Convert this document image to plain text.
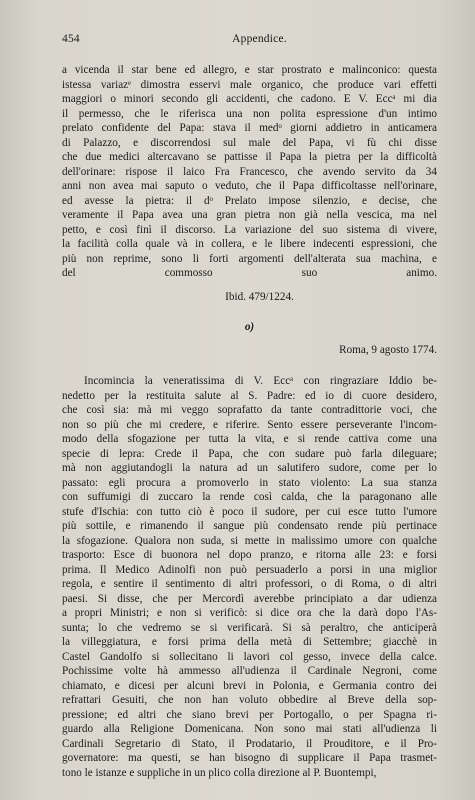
454	Appendice.
a vicenda il star bene ed allegro, e star prostrato e malinconico: questa
istessa variazᵉ dimostra esservi male organico, che produce vari effetti
maggiori o minori secondo gli accidenti, che cadono. E V. Eccᵃ mi dia
il permesso, che le riferisca una non polita espressione d'un intimo
prelato confidente del Papa: stava il medᵒ giorni addietro in anticamera
di Palazzo, e discorrendosi sul male del Papa, vi fù chi disse
che due medici altercavano se pattisse il Papa la pietra per la difficoltà
dell'orinare: rispose il laico Fra Francesco, che avendo servito da 34
anni non avea mai saputo o veduto, che il Papa difficoltasse nell'orinare,
ed avesse la pietra: il dᵒ Prelato impose silenzio, e decise, che
veramente il Papa avea una gran pietra non già nella vescica, ma nel
petto, e così finì il discorso. La variazione del suo sistema di vivere,
la facilità colla quale và in collera, e le libere indecenti espressioni, che
più non reprime, sono li forti argomenti dell'alterata sua machina, e
del commosso suo animo.
Ibid. 479/1224.
o)
Roma, 9 agosto 1774.
Incomincia la veneratissima di V. Eccᵃ con ringraziare Iddio be-
nedetto per la restituita salute al S. Padre: ed io di cuore desidero,
che così sia: mà mi veggo soprafatto da tante contradittorie voci, che
non so più che mi credere, e riferire. Sento essere perseverante l'incom-
modo della sfogazione per tutta la vita, e si rende cattiva come una
specie di lepra: Crede il Papa, che con sudare può farla dileguare;
mà non aggiutandogli la natura ad un salutifero sudore, come per lo
passato: egli procura a promoverlo in stato violento: La sua stanza
con suffumigi di zuccaro la rende così calda, che la paragonano alle
stufe d'Ischia: con tutto ciò è poco il sudore, per cui esce tutto l'umore
più sottile, e rimanendo il sangue più condensato rende più pertinace
la sfogazione. Qualora non suda, si mette in malissimo umore con qualche
trasporto: Esce di buonora nel dopo pranzo, e ritorna alle 23: e forsi
prima. Il Medico Adinolfi non può persuaderlo a porsi in una miglior
regola, e sentire il sentimento di altri professori, o di Roma, o di altri
paesi. Si disse, che per Mercordì averebbe principiato a dar udienza
a propri Ministri; e non si verificò: si dice ora che la darà dopo l'As-
sunta; lo che vedremo se si verificarà. Si sà peraltro, che anticiperà
la villeggiatura, e forsi prima della metà di Settembre; giacchè in
Castel Gandolfo si sollecitano li lavori col gesso, invece della calce.
Pochissime volte hà ammesso all'udienza il Cardinale Negroni, come
chiamato, e dicesi per alcuni brevi in Polonia, e Germania contro dei
refrattari Gesuiti, che non han voluto obbedire al Breve della sop-
pressione; ed altri che siano brevi per Portogallo, o per Spagna ri-
guardo alla Religione Domenicana. Non sono mai stati all'udienza li
Cardinali Segretario di Stato, il Prodatario, il Prouditore, e il Pro-
governatore: ma questi, se han bisogno di supplicare il Papa trasmet-
tono le istanze e suppliche in un plico colla direzione al P. Buontempi,
